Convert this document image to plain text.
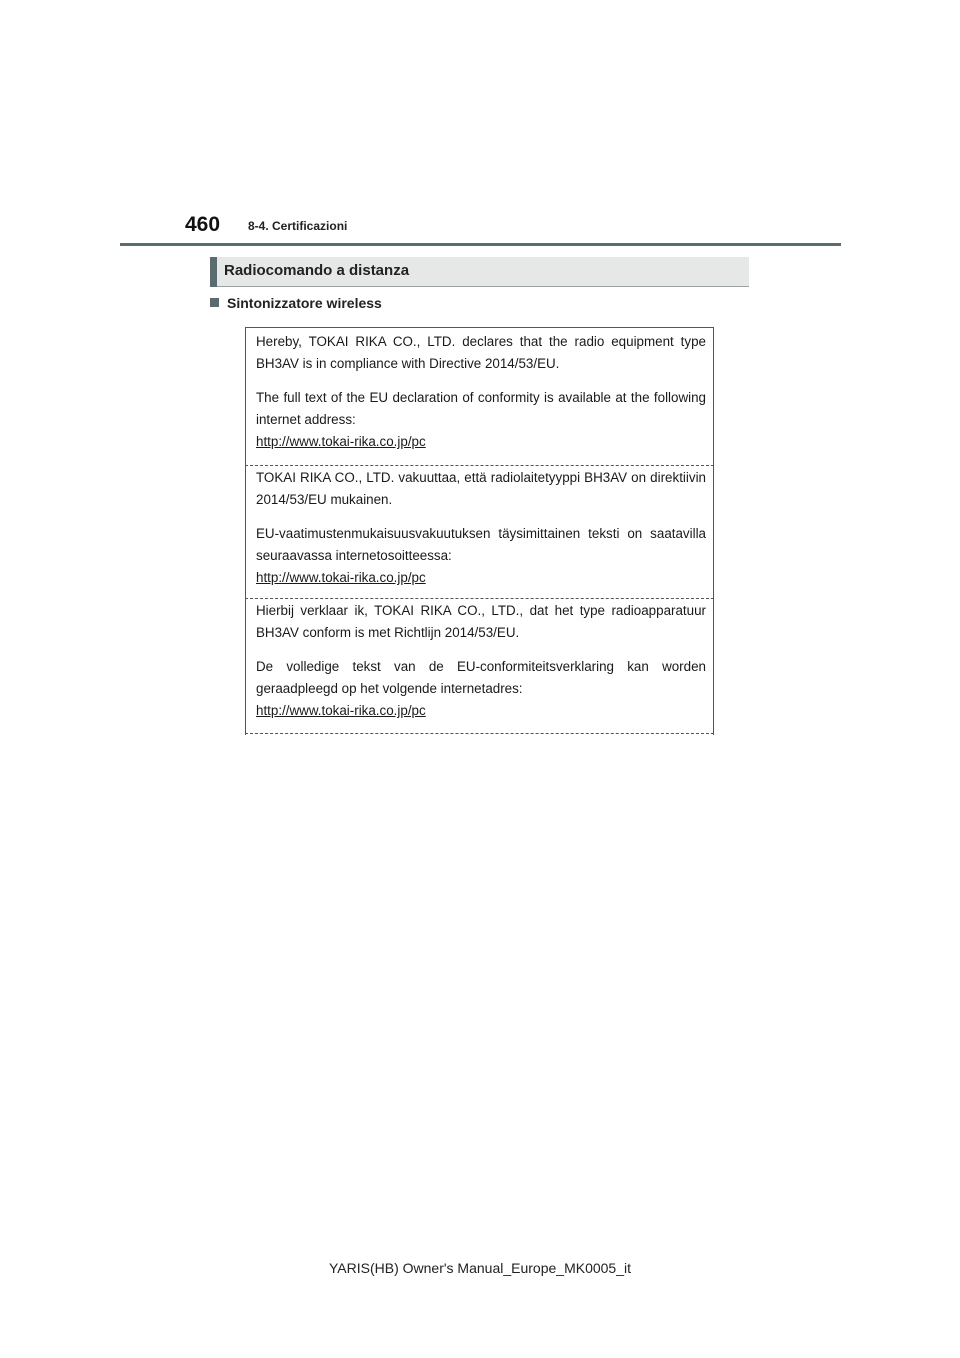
460 8-4. Certificazioni
Radiocomando a distanza
Sintonizzatore wireless

Hereby, TOKAI RIKA CO., LTD. declares that the radio equipment type BH3AV is in compliance with Directive 2014/53/EU.

The full text of the EU declaration of conformity is available at the following internet address:
http://www.tokai-rika.co.jp/pc

TOKAI RIKA CO., LTD. vakuuttaa, että radiolaitetyyppi BH3AV on direktiivin 2014/53/EU mukainen.

EU-vaatimustenmukaisuusvakuutuksen täysimittainen teksti on saatavilla seuraavassa internetosoitteessa:
http://www.tokai-rika.co.jp/pc

Hierbij verklaar ik, TOKAI RIKA CO., LTD., dat het type radioapparatuur BH3AV conform is met Richtlijn 2014/53/EU.

De volledige tekst van de EU-conformiteitsverklaring kan worden geraadpleegd op het volgende internetadres:
http://www.tokai-rika.co.jp/pc

YARIS(HB) Owner's Manual_Europe_MK0005_it
